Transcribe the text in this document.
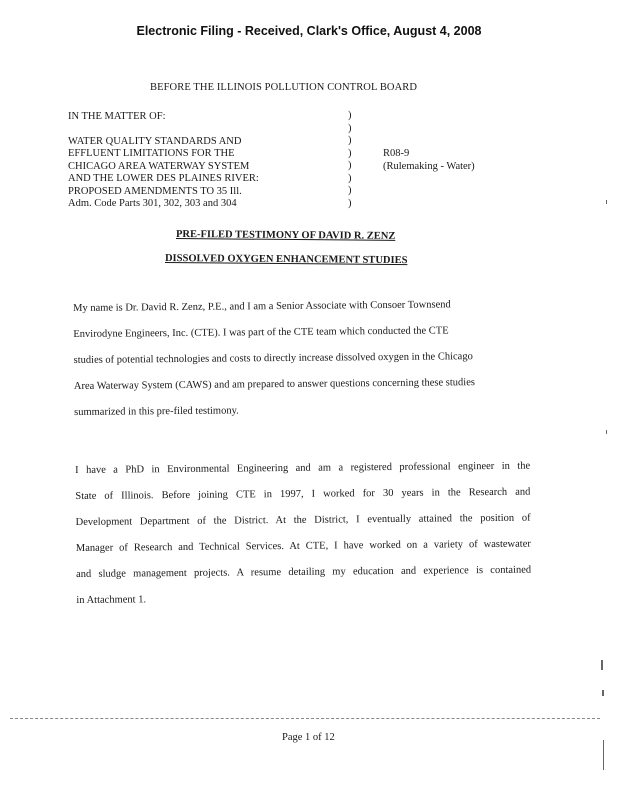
Electronic Filing - Received, Clark's Office, August 4, 2008
BEFORE THE ILLINOIS POLLUTION CONTROL BOARD
IN THE MATTER OF:
WATER QUALITY STANDARDS AND
EFFLUENT LIMITATIONS FOR THE
CHICAGO AREA WATERWAY SYSTEM
AND THE LOWER DES PLAINES RIVER:
PROPOSED AMENDMENTS TO 35 Ill.
Adm. Code Parts 301, 302, 303 and 304
)
)
)
)
)
)
)
)
R08-9
(Rulemaking - Water)
PRE-FILED TESTIMONY OF DAVID R. ZENZ
DISSOLVED OXYGEN ENHANCEMENT STUDIES
My name is Dr. David R. Zenz, P.E., and I am a Senior Associate with Consoer Townsend
Envirodyne Engineers, Inc. (CTE). I was part of the CTE team which conducted the CTE
studies of potential technologies and costs to directly increase dissolved oxygen in the Chicago
Area Waterway System (CAWS) and am prepared to answer questions concerning these studies
summarized in this pre-filed testimony.
I have a PhD in Environmental Engineering and am a registered professional engineer in the
State of Illinois. Before joining CTE in 1997, I worked for 30 years in the Research and
Development Department of the District. At the District, I eventually attained the position of
Manager of Research and Technical Services. At CTE, I have worked on a variety of wastewater
and sludge management projects. A resume detailing my education and experience is contained
in Attachment 1.
Page 1 of 12
